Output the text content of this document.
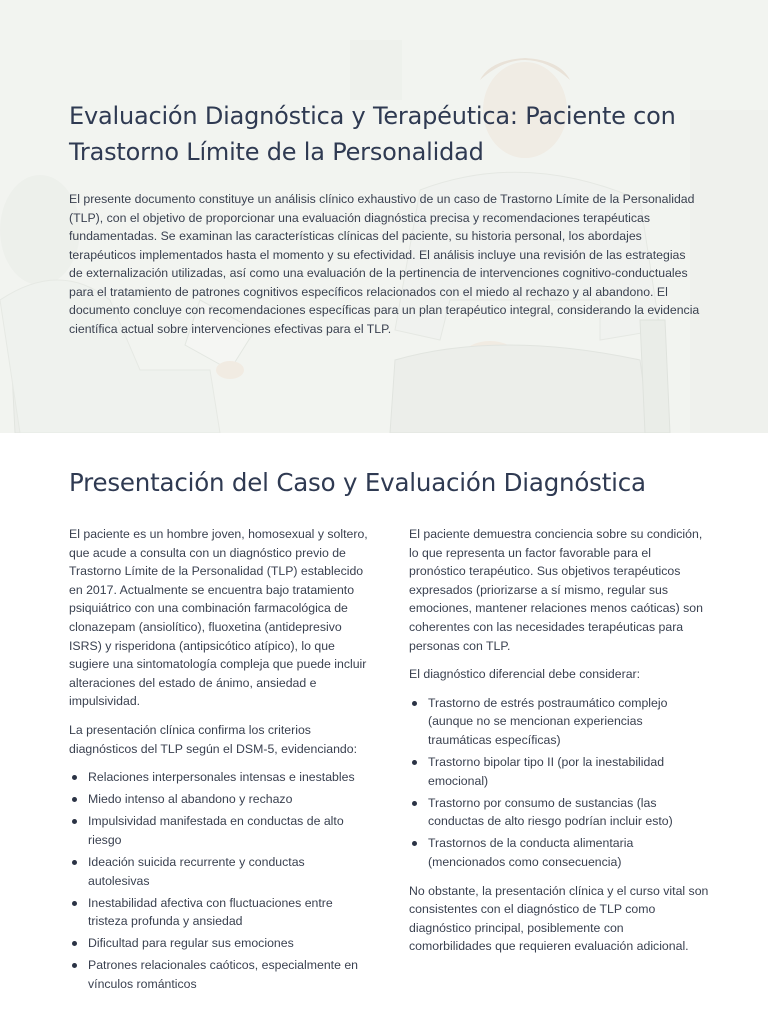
Evaluación Diagnóstica y Terapéutica: Paciente con Trastorno Límite de la Personalidad

El presente documento constituye un análisis clínico exhaustivo de un caso de Trastorno Límite de la Personalidad (TLP), con el objetivo de proporcionar una evaluación diagnóstica precisa y recomendaciones terapéuticas fundamentadas. Se examinan las características clínicas del paciente, su historia personal, los abordajes terapéuticos implementados hasta el momento y su efectividad. El análisis incluye una revisión de las estrategias de externalización utilizadas, así como una evaluación de la pertinencia de intervenciones cognitivo-conductuales para el tratamiento de patrones cognitivos específicos relacionados con el miedo al rechazo y al abandono. El documento concluye con recomendaciones específicas para un plan terapéutico integral, considerando la evidencia científica actual sobre intervenciones efectivas para el TLP.

Presentación del Caso y Evaluación Diagnóstica

El paciente es un hombre joven, homosexual y soltero, que acude a consulta con un diagnóstico previo de Trastorno Límite de la Personalidad (TLP) establecido en 2017. Actualmente se encuentra bajo tratamiento psiquiátrico con una combinación farmacológica de clonazepam (ansiolítico), fluoxetina (antidepresivo ISRS) y risperidona (antipsicótico atípico), lo que sugiere una sintomatología compleja que puede incluir alteraciones del estado de ánimo, ansiedad e impulsividad.

La presentación clínica confirma los criterios diagnósticos del TLP según el DSM-5, evidenciando:

Relaciones interpersonales intensas e inestables
Miedo intenso al abandono y rechazo
Impulsividad manifestada en conductas de alto riesgo
Ideación suicida recurrente y conductas autolesivas
Inestabilidad afectiva con fluctuaciones entre tristeza profunda y ansiedad
Dificultad para regular sus emociones
Patrones relacionales caóticos, especialmente en vínculos románticos

El paciente demuestra conciencia sobre su condición, lo que representa un factor favorable para el pronóstico terapéutico. Sus objetivos terapéuticos expresados (priorizarse a sí mismo, regular sus emociones, mantener relaciones menos caóticas) son coherentes con las necesidades terapéuticas para personas con TLP.

El diagnóstico diferencial debe considerar:

Trastorno de estrés postraumático complejo (aunque no se mencionan experiencias traumáticas específicas)
Trastorno bipolar tipo II (por la inestabilidad emocional)
Trastorno por consumo de sustancias (las conductas de alto riesgo podrían incluir esto)
Trastornos de la conducta alimentaria (mencionados como consecuencia)

No obstante, la presentación clínica y el curso vital son consistentes con el diagnóstico de TLP como diagnóstico principal, posiblemente con comorbilidades que requieren evaluación adicional.
